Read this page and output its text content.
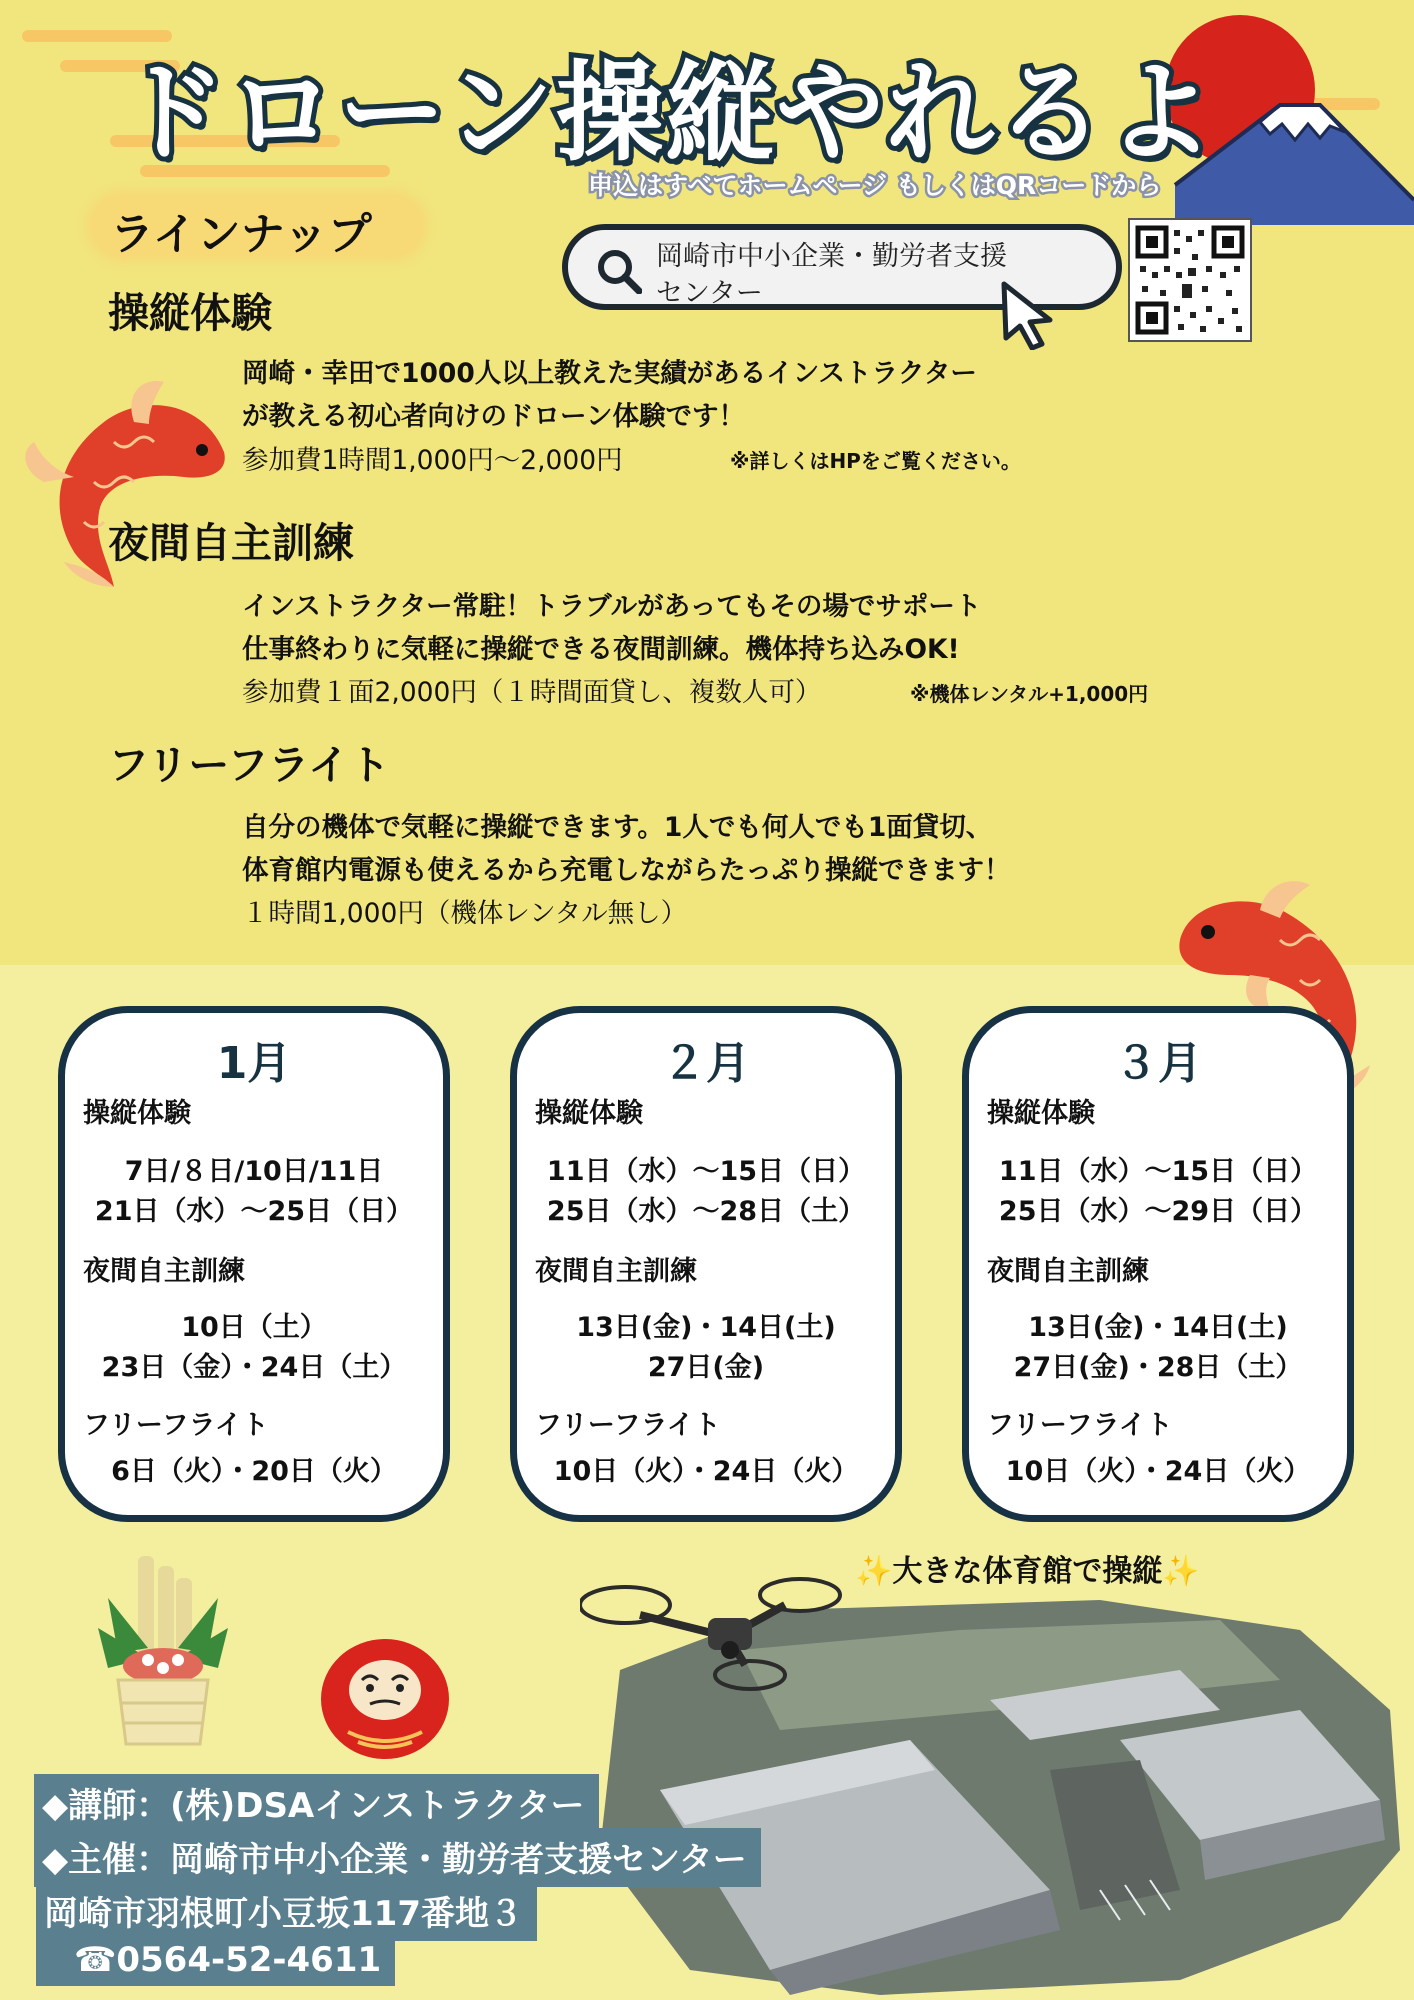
ドローン操縦やれるよ
申込はすべてホームページ もしくはQRコードから
ラインナップ	岡崎市中小企業・勤労者支援
センター
操縦体験
岡崎・幸田で1000人以上教えた実績があるインストラクター
が教える初心者向けのドローン体験です！
参加費1時間1,000円〜2,000円	※詳しくはHPをご覧ください。
夜間自主訓練
インストラクター常駐！トラブルがあってもその場でサポート
仕事終わりに気軽に操縦できる夜間訓練。機体持ち込みOK!
参加費１面2,000円（１時間面貸し、複数人可）	※機体レンタル+1,000円
フリーフライト
自分の機体で気軽に操縦できます。1人でも何人でも1面貸切、
体育館内電源も使えるから充電しながらたっぷり操縦できます！
１時間1,000円（機体レンタル無し）
1月
操縦体験
7日/８日/10日/11日
21日（水）〜25日（日）
夜間自主訓練
10日（土）
23日（金）・24日（土）
フリーフライト
6日（火）・20日（火）
２月
操縦体験
11日（水）〜15日（日）
25日（水）〜28日（土）
夜間自主訓練
13日(金)・14日(土)
27日(金)
フリーフライト
10日（火）・24日（火）
３月
操縦体験
11日（水）〜15日（日）
25日（水）〜29日（日）
夜間自主訓練
13日(金)・14日(土)
27日(金)・28日（土）
フリーフライト
10日（火）・24日（火）
✨大きな体育館で操縦✨
◆講師：(株)DSAインストラクター
◆主催：岡崎市中小企業・勤労者支援センター
岡崎市羽根町小豆坂117番地３
☎0564-52-4611
